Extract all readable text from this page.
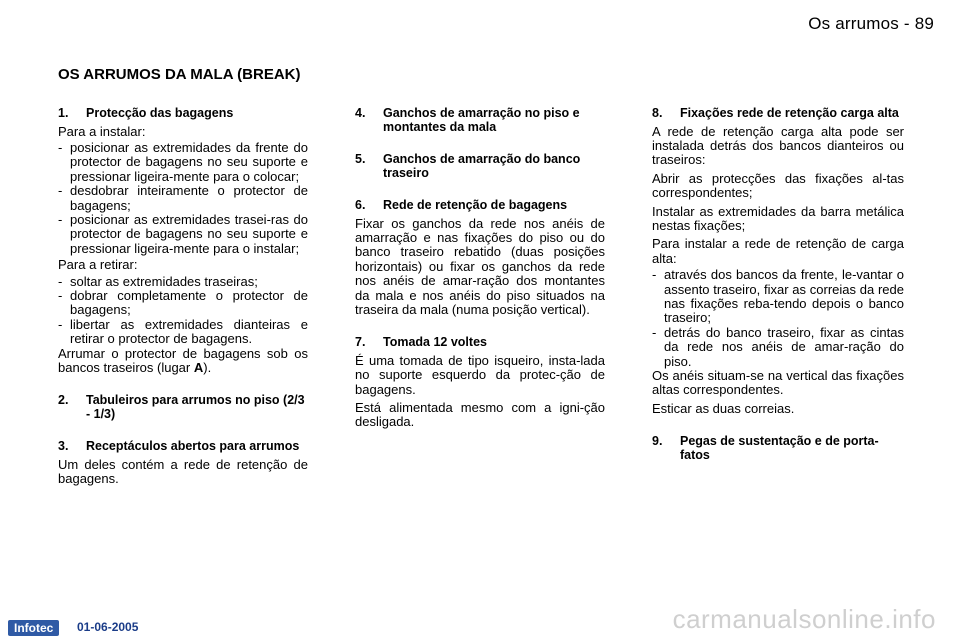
Os arrumos - 89
OS ARRUMOS DA MALA (BREAK)
1.	Protecção das bagagens
Para a instalar:
- posicionar as extremidades da frente do protector de bagagens no seu suporte e pressionar ligeira-mente para o colocar;
- desdobrar inteiramente o protector de bagagens;
- posicionar as extremidades trasei-ras do protector de bagagens no seu suporte e pressionar ligeira-mente para o instalar;
Para a retirar:
- soltar as extremidades traseiras;
- dobrar completamente o protector de bagagens;
- libertar as extremidades dianteiras e retirar o protector de bagagens.
Arrumar o protector de bagagens sob os bancos traseiros (lugar A).
2.	Tabuleiros para arrumos no piso (2/3 - 1/3)
3.	Receptáculos abertos para arrumos
Um deles contém a rede de retenção de bagagens.
4.	Ganchos de amarração no piso e montantes da mala
5.	Ganchos de amarração do banco traseiro
6.	Rede de retenção de bagagens
Fixar os ganchos da rede nos anéis de amarração e nas fixações do piso ou do banco traseiro rebatido (duas posições horizontais) ou fixar os ganchos da rede nos anéis de amar-ração dos montantes da mala e nos anéis do piso situados na traseira da mala (numa posição vertical).
7.	Tomada 12 voltes
É uma tomada de tipo isqueiro, insta-lada no suporte esquerdo da protec-ção de bagagens.
Está alimentada mesmo com a igni-ção desligada.
8.	Fixações rede de retenção carga alta
A rede de retenção carga alta pode ser instalada detrás dos bancos dianteiros ou traseiros:
Abrir as protecções das fixações al-tas correspondentes;
Instalar as extremidades da barra metálica nestas fixações;
Para instalar a rede de retenção de carga alta:
- através dos bancos da frente, le-vantar o assento traseiro, fixar as correias da rede nas fixações reba-tendo depois o banco traseiro;
- detrás do banco traseiro, fixar as cintas da rede nos anéis de amar-ração do piso.
Os anéis situam-se na vertical das fixações altas correspondentes.
Esticar as duas correias.
9.	Pegas de sustentação e de porta-fatos
Infotec	01-06-2005	carmanualsonline.info
